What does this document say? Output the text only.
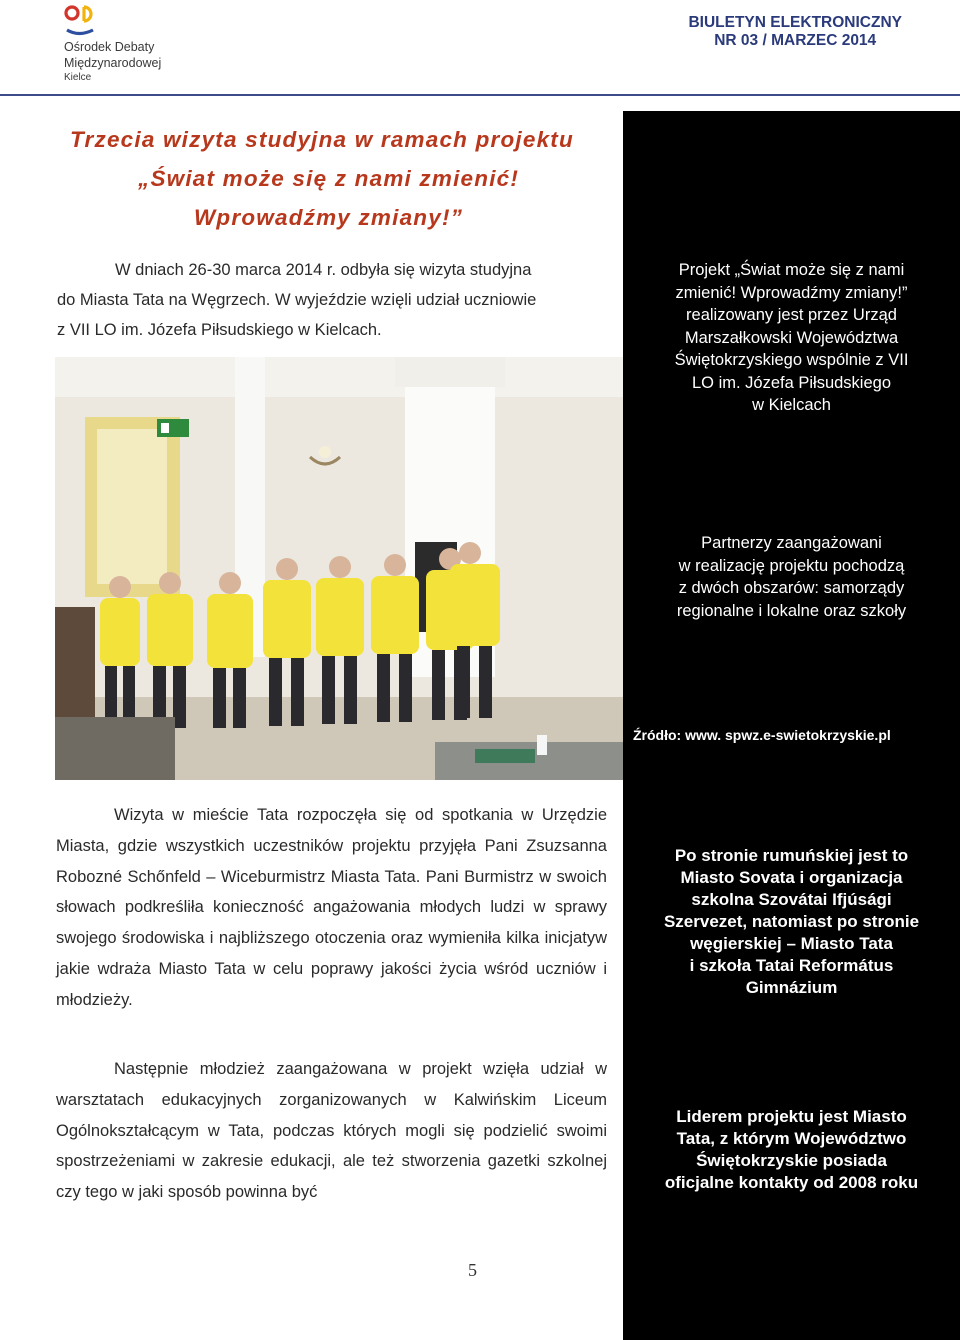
Ośrodek Debaty
Międzynarodowej
Kielce
BIULETYN ELEKTRONICZNY
NR 03 / MARZEC 2014
Trzecia wizyta studyjna w ramach projektu
„Świat może się z nami zmienić!
Wprowadźmy zmiany!”
W dniach 26-30 marca 2014 r. odbyła się wizyta studyjna
do Miasta Tata na Węgrzech. W wyjeździe wzięli udział uczniowie
z VII LO im. Józefa Piłsudskiego w Kielcach.
Wizyta w mieście Tata rozpoczęła się od spotkania w Urzędzie Miasta, gdzie wszystkich uczestników projektu przyjęła Pani Zsuzsanna Robozné Schőnfeld – Wiceburmistrz Miasta Tata. Pani Burmistrz w swoich słowach podkreśliła konieczność angażowania młodych ludzi w sprawy swojego środowiska i najbliższego otoczenia oraz wymieniła kilka inicjatyw jakie wdraża Miasto Tata w celu poprawy jakości życia wśród uczniów i młodzieży.
Następnie młodzież zaangażowana w projekt wzięła udział w warsztatach edukacyjnych zorganizowanych w Kalwińskim Liceum Ogólnokształcącym w Tata, podczas których mogli się podzielić swoimi spostrzeżeniami w zakresie edukacji, ale też stworzenia gazetki szkolnej czy tego w jaki sposób powinna być
5
Projekt „Świat może się z nami
zmienić! Wprowadźmy zmiany!”
realizowany jest przez Urząd
Marszałkowski Województwa
Świętokrzyskiego wspólnie z VII
LO im. Józefa Piłsudskiego
w Kielcach
Partnerzy zaangażowani
w realizację projektu pochodzą
z dwóch obszarów: samorządy
regionalne i lokalne oraz szkoły
Źródło: www. spwz.e-swietokrzyskie.pl
Po stronie rumuńskiej jest to
Miasto Sovata i organizacja
szkolna Szovátai Ifjúsági
Szervezet, natomiast po stronie
węgierskiej – Miasto Tata
i szkoła Tatai Református
Gimnázium
Liderem projektu jest Miasto
Tata, z którym Województwo
Świętokrzyskie posiada
oficjalne kontakty od 2008 roku
